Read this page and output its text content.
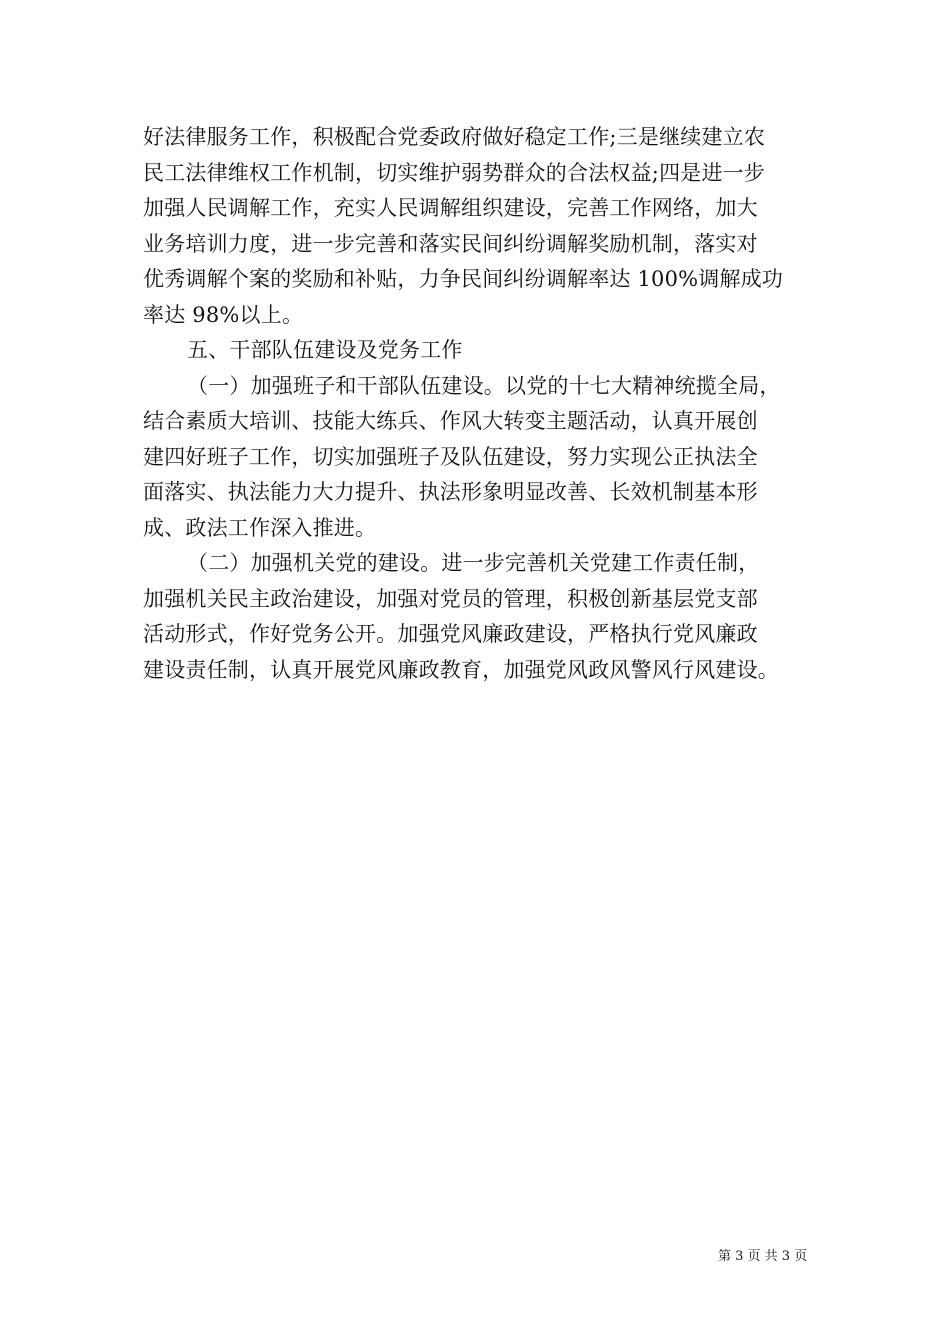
好法律服务工作，积极配合党委政府做好稳定工作;三是继续建立农
民工法律维权工作机制，切实维护弱势群众的合法权益;四是进一步
加强人民调解工作，充实人民调解组织建设，完善工作网络，加大
业务培训力度，进一步完善和落实民间纠纷调解奖励机制，落实对
优秀调解个案的奖励和补贴，力争民间纠纷调解率达 100%调解成功
率达 98%以上。
五、干部队伍建设及党务工作
（一）加强班子和干部队伍建设。以党的十七大精神统揽全局，
结合素质大培训、技能大练兵、作风大转变主题活动，认真开展创
建四好班子工作，切实加强班子及队伍建设，努力实现公正执法全
面落实、执法能力大力提升、执法形象明显改善、长效机制基本形
成、政法工作深入推进。
（二）加强机关党的建设。进一步完善机关党建工作责任制，
加强机关民主政治建设，加强对党员的管理，积极创新基层党支部
活动形式，作好党务公开。加强党风廉政建设，严格执行党风廉政
建设责任制，认真开展党风廉政教育，加强党风政风警风行风建设。
第 3 页 共 3 页
